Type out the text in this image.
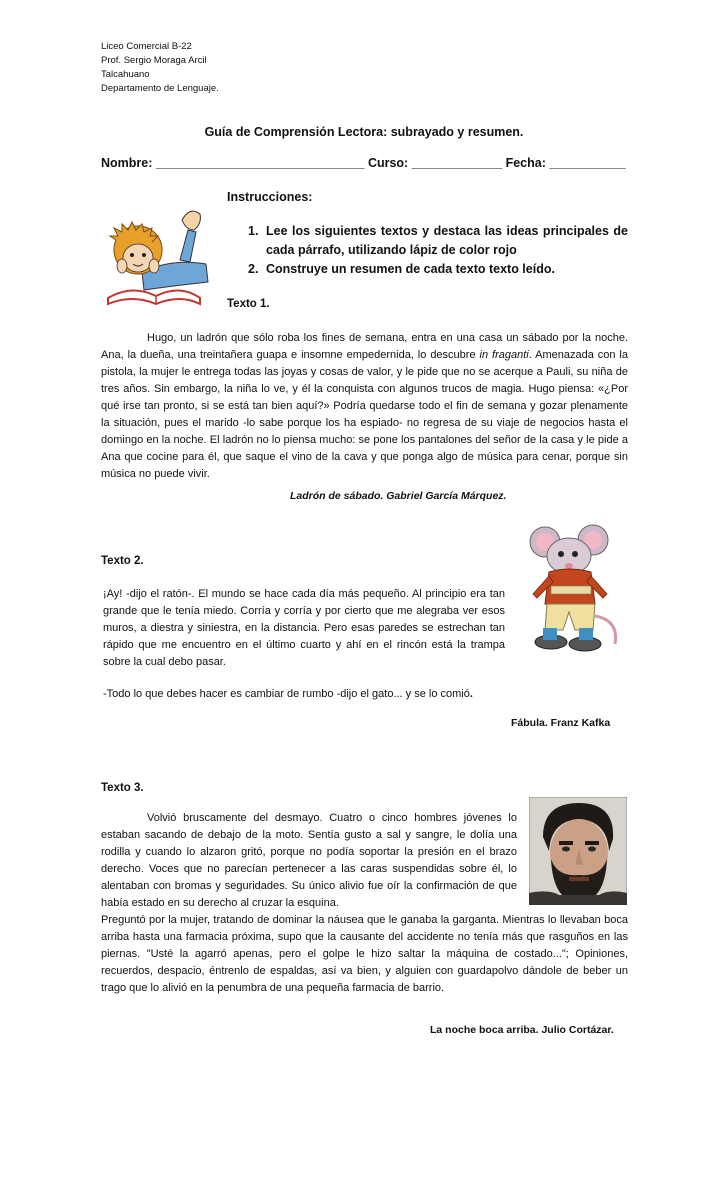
Liceo Comercial B-22
Prof. Sergio Moraga Arcil
Talcahuano
Departamento de Lenguaje.
Guía de Comprensión Lectora: subrayado y resumen.
Nombre: ______________________________ Curso: _____________ Fecha: ___________
Instrucciones:
1. Lee los siguientes textos y destaca las ideas principales de cada párrafo, utilizando lápiz de color rojo
2. Construye un resumen de cada texto texto leído.
Texto 1.

Hugo, un ladrón que sólo roba los fines de semana, entra en una casa un sábado por la noche. Ana, la dueña, una treintañera guapa e insomne empedernida, lo descubre in fraganti. Amenazada con la pistola, la mujer le entrega todas las joyas y cosas de valor, y le pide que no se acerque a Pauli, su niña de tres años. Sin embargo, la niña lo ve, y él la conquista con algunos trucos de magia. Hugo piensa: «¿Por qué irse tan pronto, si se está tan bien aquí?» Podría quedarse todo el fin de semana y gozar plenamente la situación, pues el marido -lo sabe porque los ha espiado- no regresa de su viaje de negocios hasta el domingo en la noche. El ladrón no lo piensa mucho: se pone los pantalones del señor de la casa y le pide a Ana que cocine para él, que saque el vino de la cava y que ponga algo de música para cenar, porque sin música no puede vivir.

Ladrón de sábado. Gabriel García Márquez.
Texto 2.

¡Ay! -dijo el ratón-. El mundo se hace cada día más pequeño. Al principio era tan grande que le tenía miedo. Corría y corría y por cierto que me alegraba ver esos muros, a diestra y siniestra, en la distancia. Pero esas paredes se estrechan tan rápido que me encuentro en el último cuarto y ahí en el rincón está la trampa sobre la cual debo pasar.

-Todo lo que debes hacer es cambiar de rumbo -dijo el gato... y se lo comió.
Fábula. Franz Kafka
Texto 3.

Volvió bruscamente del desmayo. Cuatro o cinco hombres jóvenes lo estaban sacando de debajo de la moto. Sentía gusto a sal y sangre, le dolía una rodilla y cuando lo alzaron gritó, porque no podía soportar la presión en el brazo derecho. Voces que no parecían pertenecer a las caras suspendidas sobre él, lo alentaban con bromas y seguridades. Su único alivio fue oír la confirmación de que había estado en su derecho al cruzar la esquina.

Preguntó por la mujer, tratando de dominar la náusea que le ganaba la garganta. Mientras lo llevaban boca arriba hasta una farmacia próxima, supo que la causante del accidente no tenía más que rasguños en las piernas. "Usté la agarró apenas, pero el golpe le hizo saltar la máquina de costado..."; Opiniones, recuerdos, despacio, éntrenlo de espaldas, así va bien, y alguien con guardapolvo dándole de beber un trago que lo alivió en la penumbra de una pequeña farmacia de barrio.

La noche boca arriba. Julio Cortázar.
